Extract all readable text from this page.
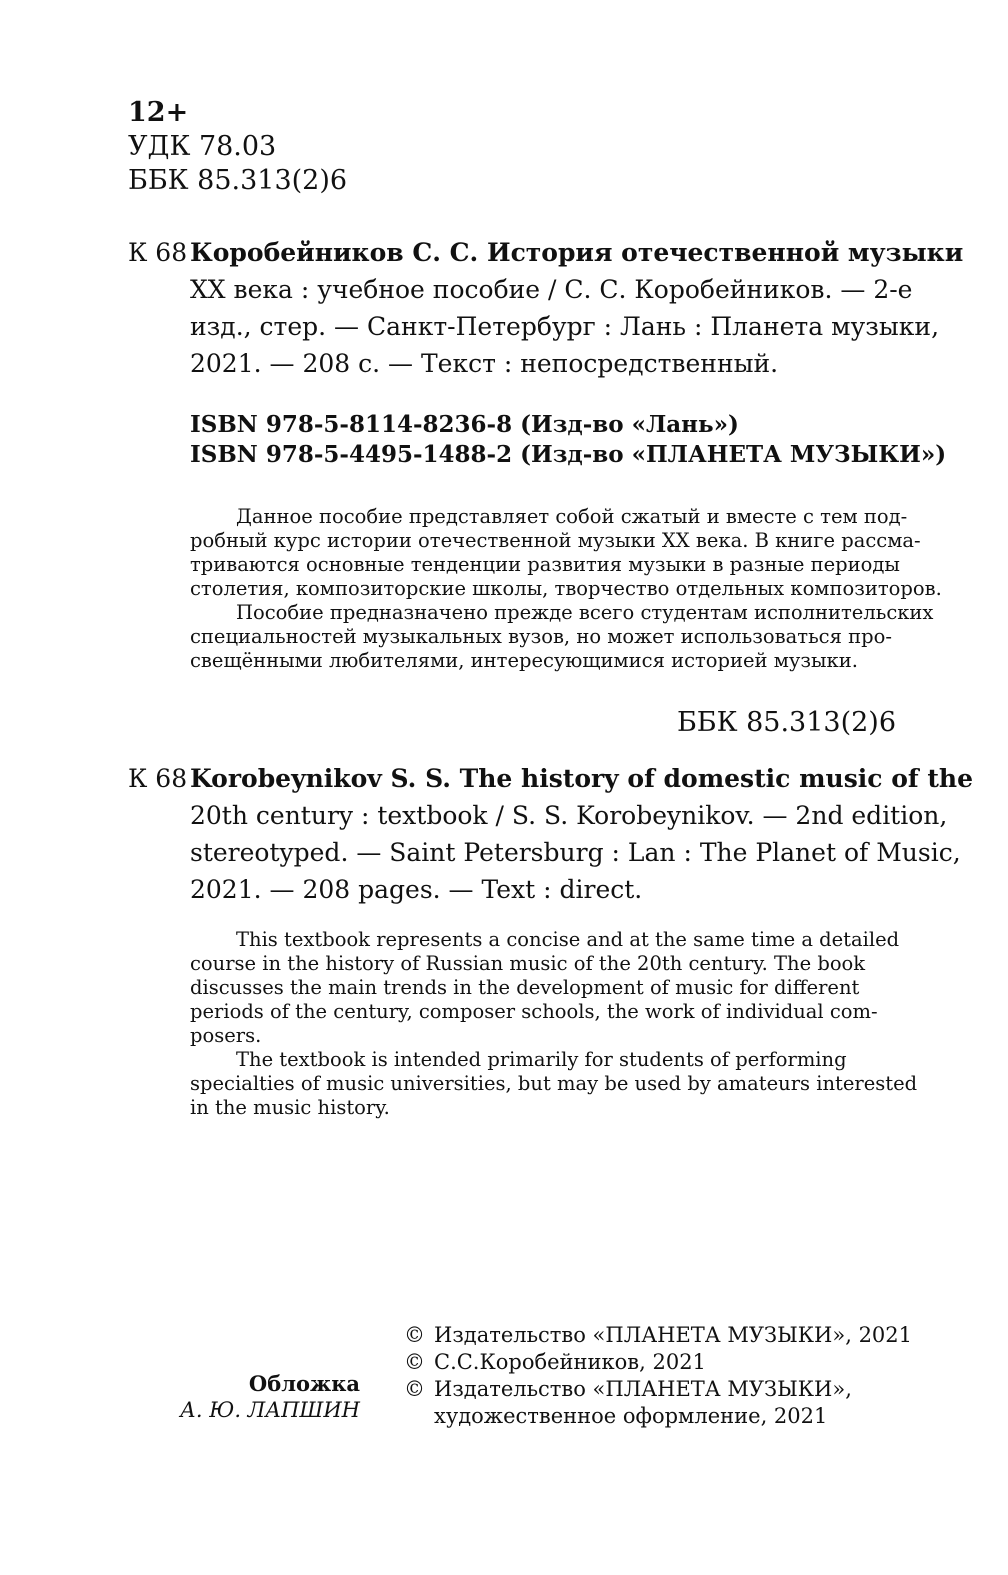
12+
УДК 78.03
ББК 85.313(2)6
К 68 Коробейников С. С. История отечественной музыки
XX века : учебное пособие / С. С. Коробейников. — 2-е
изд., стер. — Санкт-Петербург : Лань : Планета музыки,
2021. — 208 с. — Текст : непосредственный.
ISBN 978-5-8114-8236-8 (Изд-во «Лань»)
ISBN 978-5-4495-1488-2 (Изд-во «ПЛАНЕТА МУЗЫКИ»)
Данное пособие представляет собой сжатый и вместе с тем под-
робный курс истории отечественной музыки XX века. В книге рассма-
триваются основные тенденции развития музыки в разные периоды
столетия, композиторские школы, творчество отдельных композиторов.
Пособие предназначено прежде всего студентам исполнительских
специальностей музыкальных вузов, но может использоваться про-
свещёнными любителями, интересующимися историей музыки.
ББК 85.313(2)6
К 68 Korobeynikov S. S. The history of domestic music of the
20th century : textbook / S. S. Korobeynikov. — 2nd edition,
stereotyped. — Saint Petersburg : Lan : The Planet of Music,
2021. — 208 pages. — Text : direct.
This textbook represents a concise and at the same time a detailed
course in the history of Russian music of the 20th century. The book
discusses the main trends in the development of music for different
periods of the century, composer schools, the work of individual com-
posers.
The textbook is intended primarily for students of performing
specialties of music universities, but may be used by amateurs interested
in the music history.
Обложка
А. Ю. ЛАПШИН
© Издательство «ПЛАНЕТА МУЗЫКИ», 2021
© С.С.Коробейников, 2021
© Издательство «ПЛАНЕТА МУЗЫКИ»,
художественное оформление, 2021
